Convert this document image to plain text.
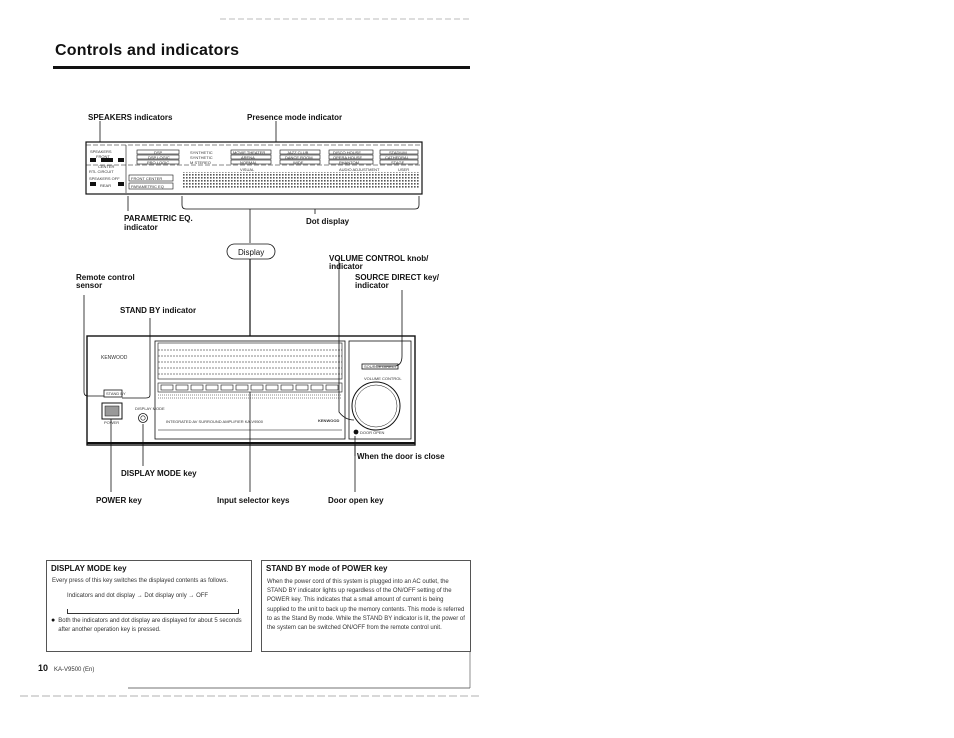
Controls and indicators
SPEAKERS indicators	Presence mode indicator
PARAMETRIC EQ.
indicator
Dot display
Display
VOLUME CONTROL knob/
indicator
SOURCE DIRECT key/
indicator
Remote control
sensor
STAND BY indicator
When the door is close
DISPLAY MODE key
POWER key	Input selector keys	Door open key
SPEAKERS
FRONT
CENTER
RTL CIRCUIT
SPEAKERS OFF
REAR
FRONT CENTER
PARAMETRIC EQ
DSP
DSP LOGIC
PRO LOGIC
SYNTHETIC
SYNTHETIC
M STEREO
MOVIE THEATER
ARENA
NORMAL
JAZZ CLUB
DANCE ROOM
WIDE
DISCO HOUSE
OPERA HOUSE
PHANTOM
STADIUM
CATHEDRAL
STAGE
VISUAL	AUDIO ADJUSTMENT	USER
KENWOOD
STAND BY
POWER
DISPLAY MODE
INTEGRATED AV SURROUND AMPLIFIER KA-V9500	KENWOOD
SOURCE DIRECT
VOLUME CONTROL
DOOR OPEN
DISPLAY MODE key
Every press of this key switches the displayed contents as follows.
Indicators and dot display → Dot display only → OFF
● Both the indicators and dot display are displayed for about 5 seconds after another operation key is pressed.
STAND BY mode of POWER key
When the power cord of this system is plugged into an AC outlet, the STAND BY indicator lights up regardless of the ON/OFF setting of the POWER key. This indicates that a small amount of current is being supplied to the unit to back up the memory contents. This mode is referred to as the Stand By mode. While the STAND BY indicator is lit, the power of the system can be switched ON/OFF from the remote control unit.
10 KA-V9500 (En)
